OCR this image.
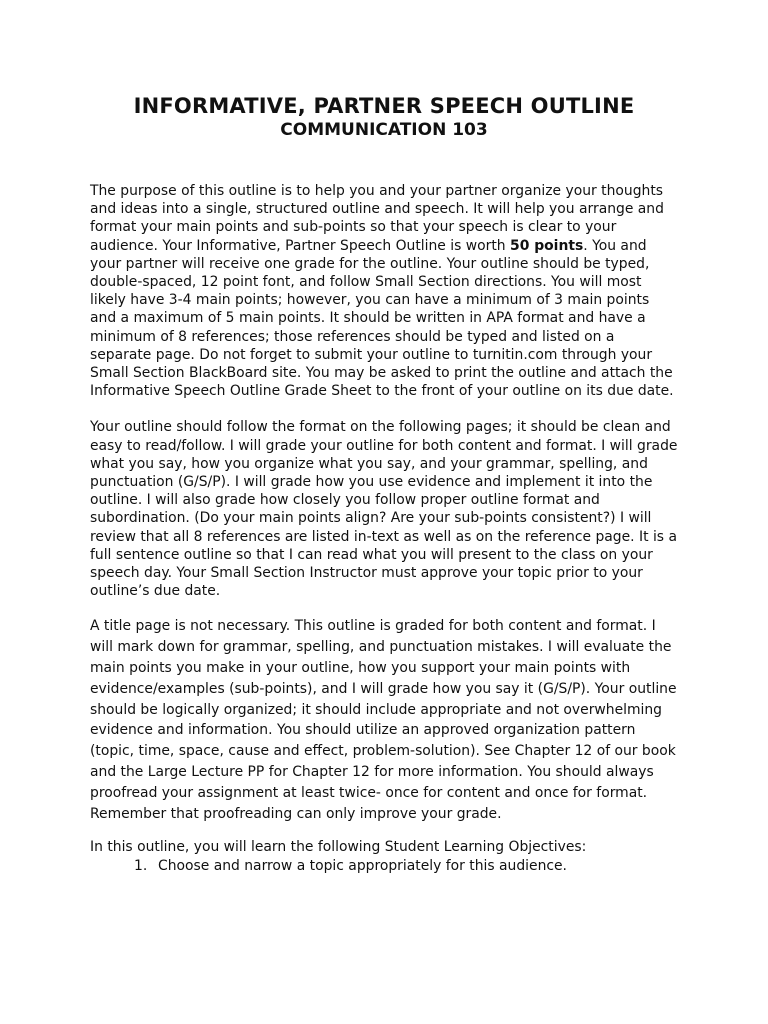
INFORMATIVE, PARTNER SPEECH OUTLINE
COMMUNICATION 103

The purpose of this outline is to help you and your partner organize your thoughts and ideas into a single, structured outline and speech. It will help you arrange and format your main points and sub-points so that your speech is clear to your audience. Your Informative, Partner Speech Outline is worth 50 points. You and your partner will receive one grade for the outline. Your outline should be typed, double-spaced, 12 point font, and follow Small Section directions. You will most likely have 3-4 main points; however, you can have a minimum of 3 main points and a maximum of 5 main points. It should be written in APA format and have a minimum of 8 references; those references should be typed and listed on a separate page. Do not forget to submit your outline to turnitin.com through your Small Section BlackBoard site. You may be asked to print the outline and attach the Informative Speech Outline Grade Sheet to the front of your outline on its due date.

Your outline should follow the format on the following pages; it should be clean and easy to read/follow. I will grade your outline for both content and format. I will grade what you say, how you organize what you say, and your grammar, spelling, and punctuation (G/S/P). I will grade how you use evidence and implement it into the outline. I will also grade how closely you follow proper outline format and subordination. (Do your main points align? Are your sub-points consistent?) I will review that all 8 references are listed in-text as well as on the reference page. It is a full sentence outline so that I can read what you will present to the class on your speech day. Your Small Section Instructor must approve your topic prior to your outline’s due date.

A title page is not necessary. This outline is graded for both content and format. I will mark down for grammar, spelling, and punctuation mistakes. I will evaluate the main points you make in your outline, how you support your main points with evidence/examples (sub-points), and I will grade how you say it (G/S/P). Your outline should be logically organized; it should include appropriate and not overwhelming evidence and information. You should utilize an approved organization pattern (topic, time, space, cause and effect, problem-solution). See Chapter 12 of our book and the Large Lecture PP for Chapter 12 for more information. You should always proofread your assignment at least twice- once for content and once for format. Remember that proofreading can only improve your grade.

In this outline, you will learn the following Student Learning Objectives:

1. Choose and narrow a topic appropriately for this audience.
